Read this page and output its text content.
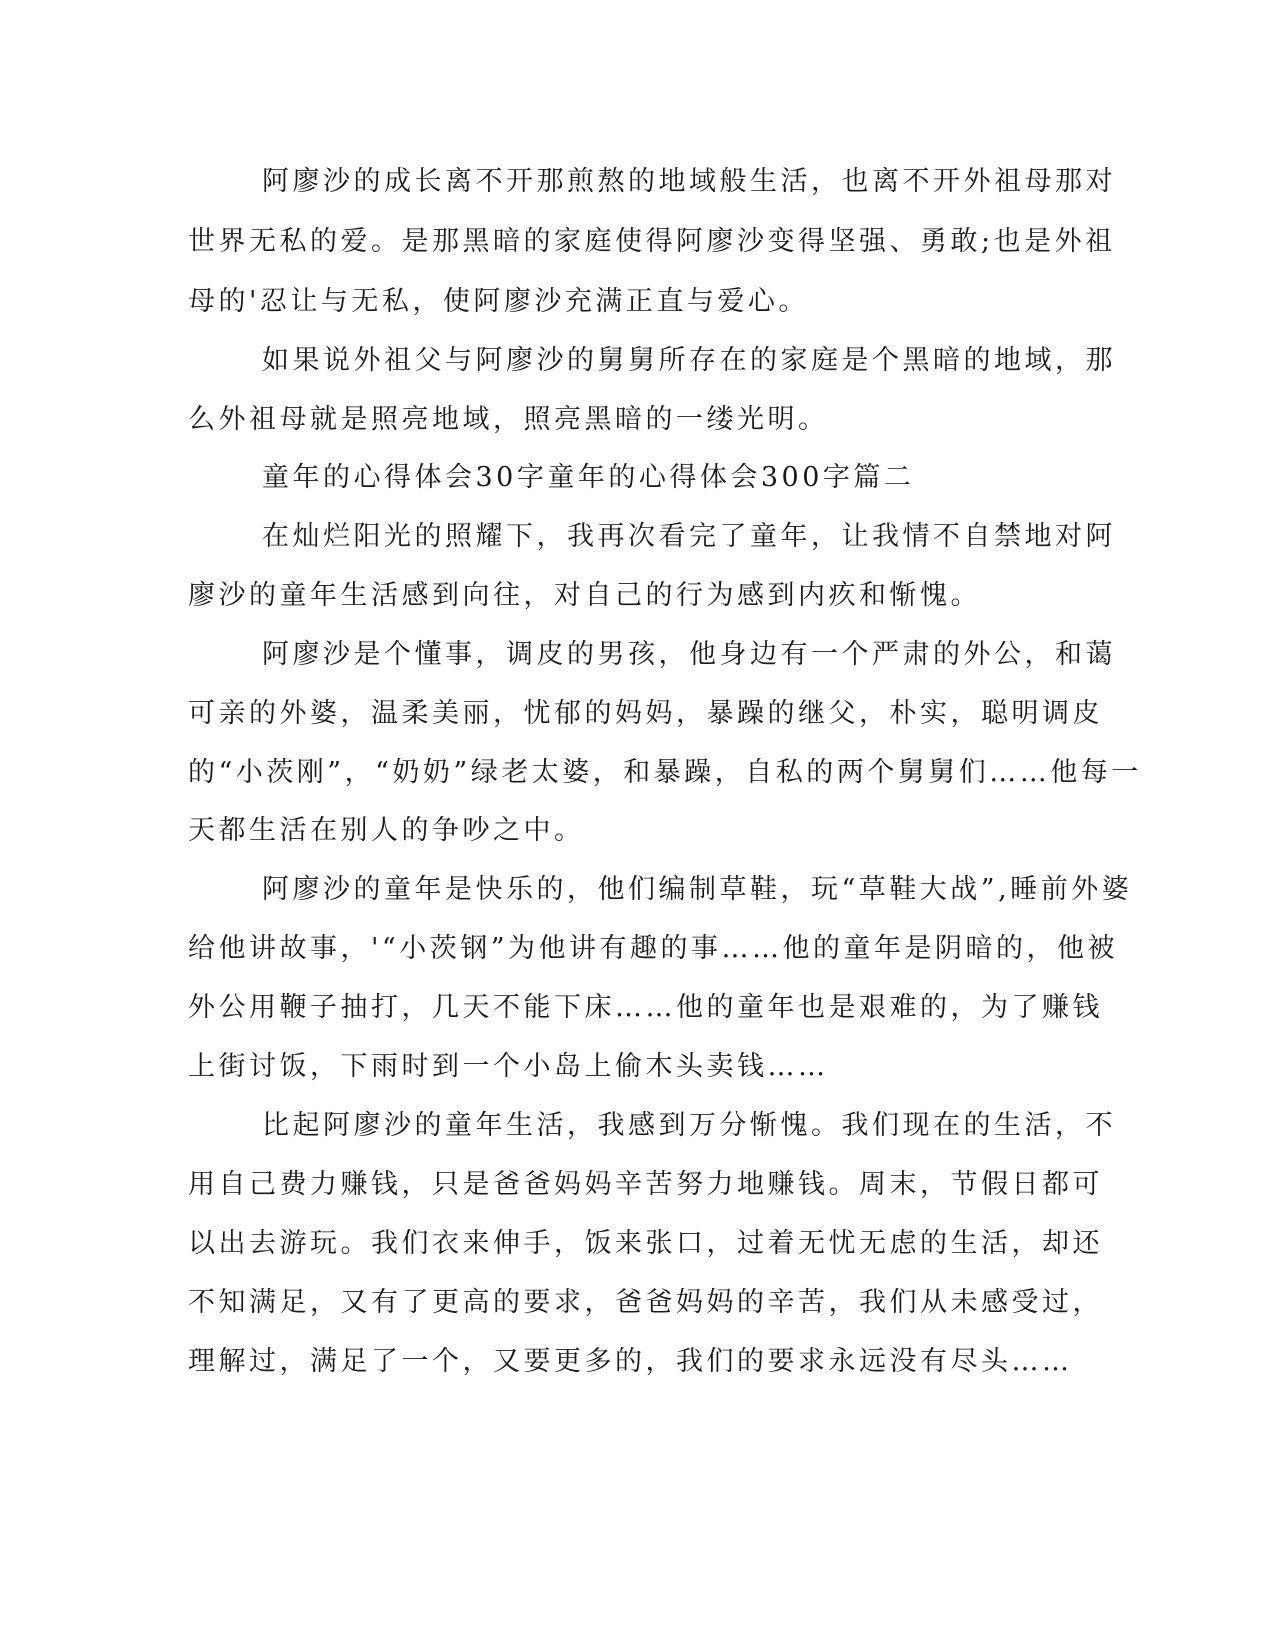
阿廖沙的成长离不开那煎熬的地域般生活，也离不开外祖母那对
世界无私的爱。是那黑暗的家庭使得阿廖沙变得坚强、勇敢;也是外祖
母的'忍让与无私，使阿廖沙充满正直与爱心。
如果说外祖父与阿廖沙的舅舅所存在的家庭是个黑暗的地域，那
么外祖母就是照亮地域，照亮黑暗的一缕光明。
童年的心得体会30字童年的心得体会300字篇二
在灿烂阳光的照耀下，我再次看完了童年，让我情不自禁地对阿
廖沙的童年生活感到向往，对自己的行为感到内疚和惭愧。
阿廖沙是个懂事，调皮的男孩，他身边有一个严肃的外公，和蔼
可亲的外婆，温柔美丽，忧郁的妈妈，暴躁的继父，朴实，聪明调皮
的“小茨刚”，“奶奶”绿老太婆，和暴躁，自私的两个舅舅们……他每一
天都生活在别人的争吵之中。
阿廖沙的童年是快乐的，他们编制草鞋，玩“草鞋大战”,睡前外婆
给他讲故事，'“小茨钢”为他讲有趣的事……他的童年是阴暗的，他被
外公用鞭子抽打，几天不能下床……他的童年也是艰难的，为了赚钱
上街讨饭，下雨时到一个小岛上偷木头卖钱……
比起阿廖沙的童年生活，我感到万分惭愧。我们现在的生活，不
用自己费力赚钱，只是爸爸妈妈辛苦努力地赚钱。周末，节假日都可
以出去游玩。我们衣来伸手，饭来张口，过着无忧无虑的生活，却还
不知满足，又有了更高的要求，爸爸妈妈的辛苦，我们从未感受过，
理解过，满足了一个，又要更多的，我们的要求永远没有尽头……
